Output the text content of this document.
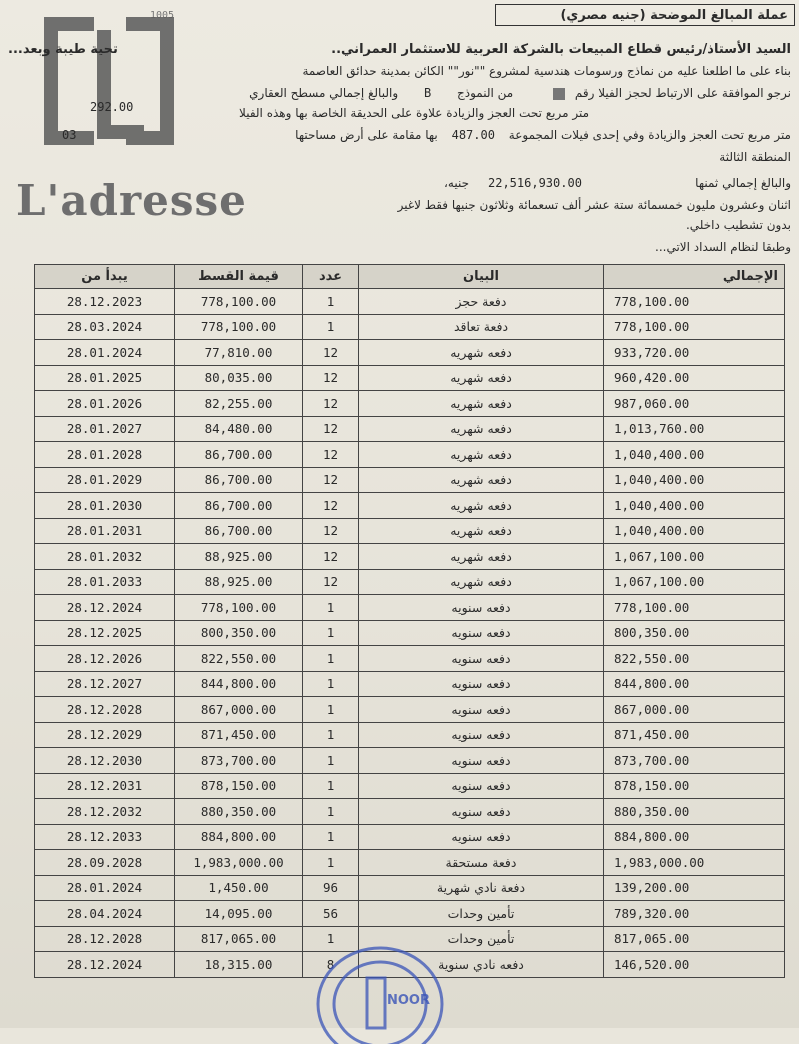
عملة المبالغ الموضحة (جنيه مصري)
1005
السيد الأستاذ/رئيس قطاع المبيعات بالشركة العربية للاستثمار العمراني..
تحية طيبة وبعد...
بناء على ما اطلعنا عليه من نماذج ورسومات هندسية لمشروع ""نور"" الكائن بمدينة حدائق العاصمة
نرجو الموافقة على الارتباط لحجز الفيلا رقم  من النموذج B والبالغ إجمالي مسطح العقاري
292.00	متر مربع تحت العجز والزيادة علاوة على الحديقة الخاصة بها وهذه الفيلا
متر مربع تحت العجز والزيادة وفي إحدى فيلات المجموعة 487.00 بها مقامة على أرض مساحتها
03
المنطقة الثالثة
L'adresse	والبالغ إجمالي ثمنها
22,516,930.00
جنيه،
اثنان وعشرون مليون خمسمائة ستة عشر ألف تسعمائة وثلاثون جنيها فقط لاغير
بدون تشطيب داخلي.
وطبقا لنظام السداد الاتي...
يبدأ من	قيمة القسط	عدد	البيان	الإجمالي
28.12.2023	778,100.00	1	دفعة حجز	778,100.00
28.03.2024	778,100.00	1	دفعة تعاقد	778,100.00
28.01.2024	77,810.00	12	دفعه شهريه	933,720.00
28.01.2025	80,035.00	12	دفعه شهريه	960,420.00
28.01.2026	82,255.00	12	دفعه شهريه	987,060.00
28.01.2027	84,480.00	12	دفعه شهريه	1,013,760.00
28.01.2028	86,700.00	12	دفعه شهريه	1,040,400.00
28.01.2029	86,700.00	12	دفعه شهريه	1,040,400.00
28.01.2030	86,700.00	12	دفعه شهريه	1,040,400.00
28.01.2031	86,700.00	12	دفعه شهريه	1,040,400.00
28.01.2032	88,925.00	12	دفعه شهريه	1,067,100.00
28.01.2033	88,925.00	12	دفعه شهريه	1,067,100.00
28.12.2024	778,100.00	1	دفعه سنويه	778,100.00
28.12.2025	800,350.00	1	دفعه سنويه	800,350.00
28.12.2026	822,550.00	1	دفعه سنويه	822,550.00
28.12.2027	844,800.00	1	دفعه سنويه	844,800.00
28.12.2028	867,000.00	1	دفعه سنويه	867,000.00
28.12.2029	871,450.00	1	دفعه سنويه	871,450.00
28.12.2030	873,700.00	1	دفعه سنويه	873,700.00
28.12.2031	878,150.00	1	دفعه سنويه	878,150.00
28.12.2032	880,350.00	1	دفعه سنويه	880,350.00
28.12.2033	884,800.00	1	دفعه سنويه	884,800.00
28.09.2028	1,983,000.00	1	دفعة مستحقة	1,983,000.00
28.01.2024	1,450.00	96	دفعة نادي شهرية	139,200.00
28.04.2024	14,095.00	56	تأمين وحدات	789,320.00
28.12.2028	817,065.00	1	تأمين وحدات	817,065.00
28.12.2024	18,315.00	8	دفعه نادي سنوية	146,520.00
NOOR
